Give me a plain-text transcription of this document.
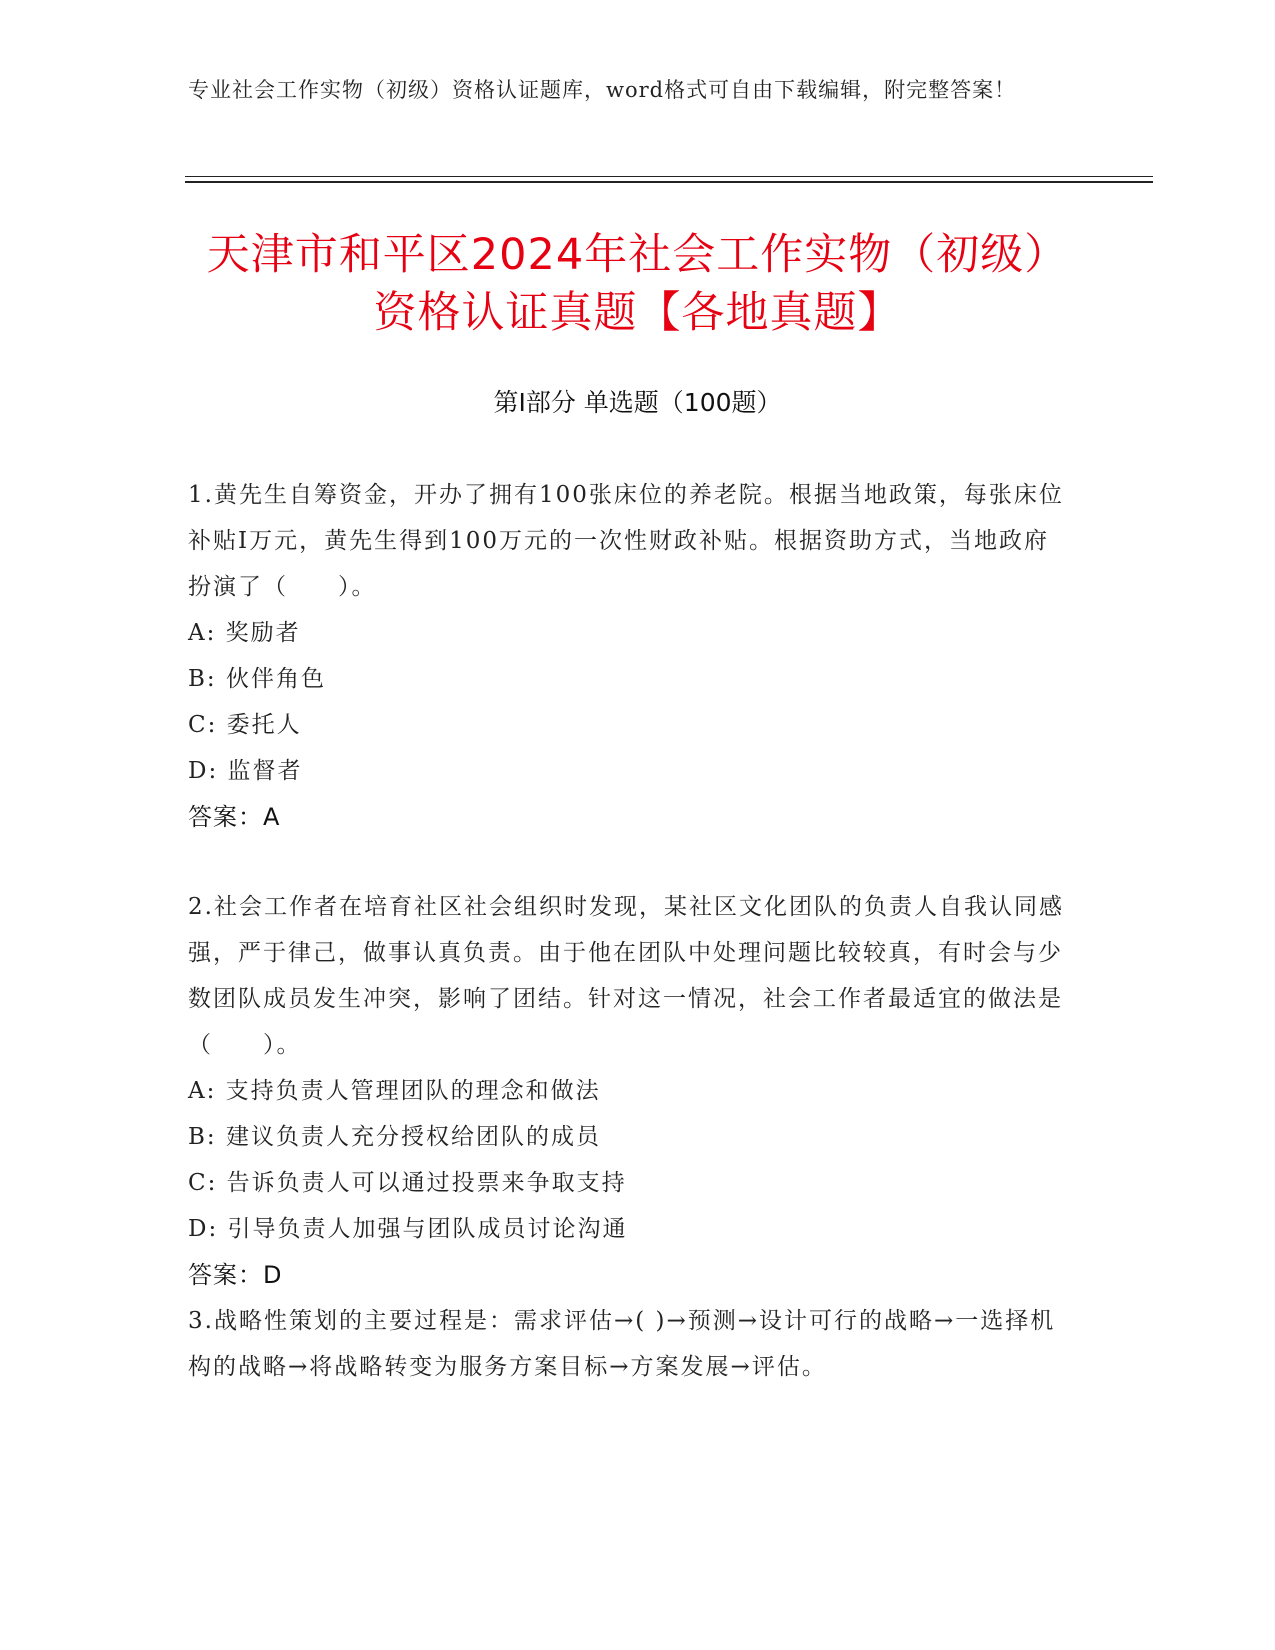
专业社会工作实物（初级）资格认证题库，word格式可自由下载编辑，附完整答案！
天津市和平区2024年社会工作实物（初级）
资格认证真题【各地真题】
第I部分 单选题（100题）
1.黄先生自筹资金，开办了拥有100张床位的养老院。根据当地政策，每张床位补贴I万元，黄先生得到100万元的一次性财政补贴。根据资助方式，当地政府扮演了（　　）。
A: 奖励者
B: 伙伴角色
C: 委托人
D: 监督者
答案：A
2.社会工作者在培育社区社会组织时发现，某社区文化团队的负责人自我认同感强，严于律己，做事认真负责。由于他在团队中处理问题比较较真，有时会与少数团队成员发生冲突，影响了团结。针对这一情况，社会工作者最适宜的做法是（　　）。
A: 支持负责人管理团队的理念和做法
B: 建议负责人充分授权给团队的成员
C: 告诉负责人可以通过投票来争取支持
D: 引导负责人加强与团队成员讨论沟通
答案：D
3.战略性策划的主要过程是：需求评估→( )→预测→设计可行的战略→一选择机构的战略→将战略转变为服务方案目标→方案发展→评估。
